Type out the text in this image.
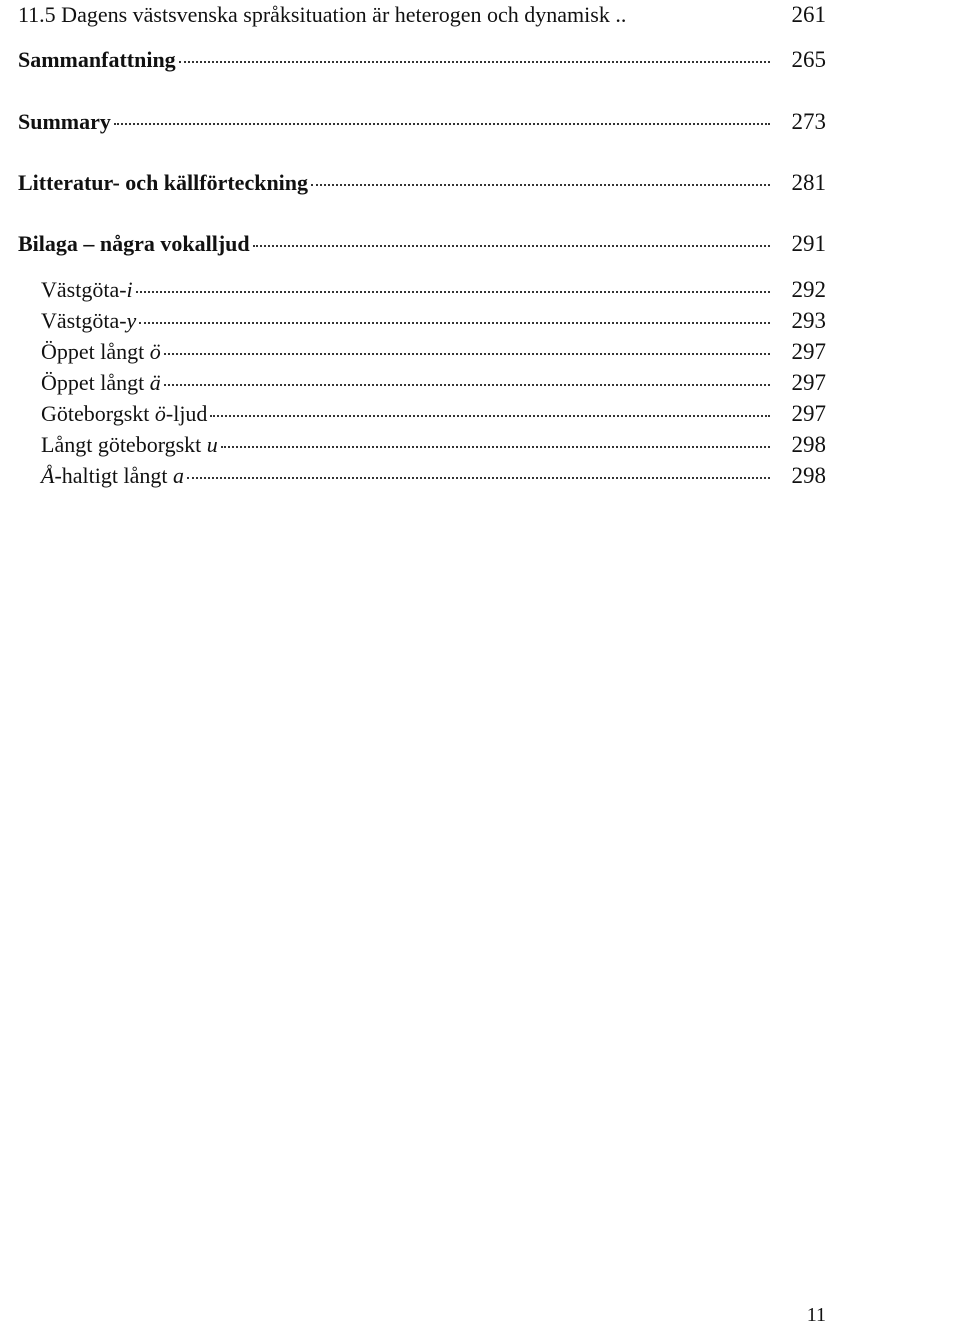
11.5 Dagens västsvenska språksituation är heterogen och dynamisk ..	261
Sammanfattning	265
Summary	273
Litteratur- och källförteckning	281
Bilaga – några vokalljud	291
Västgöta-i	292
Västgöta-y	293
Öppet långt ö	297
Öppet långt ä	297
Göteborgskt ö-ljud	297
Långt göteborgskt u	298
Å-haltigt långt a	298
11
